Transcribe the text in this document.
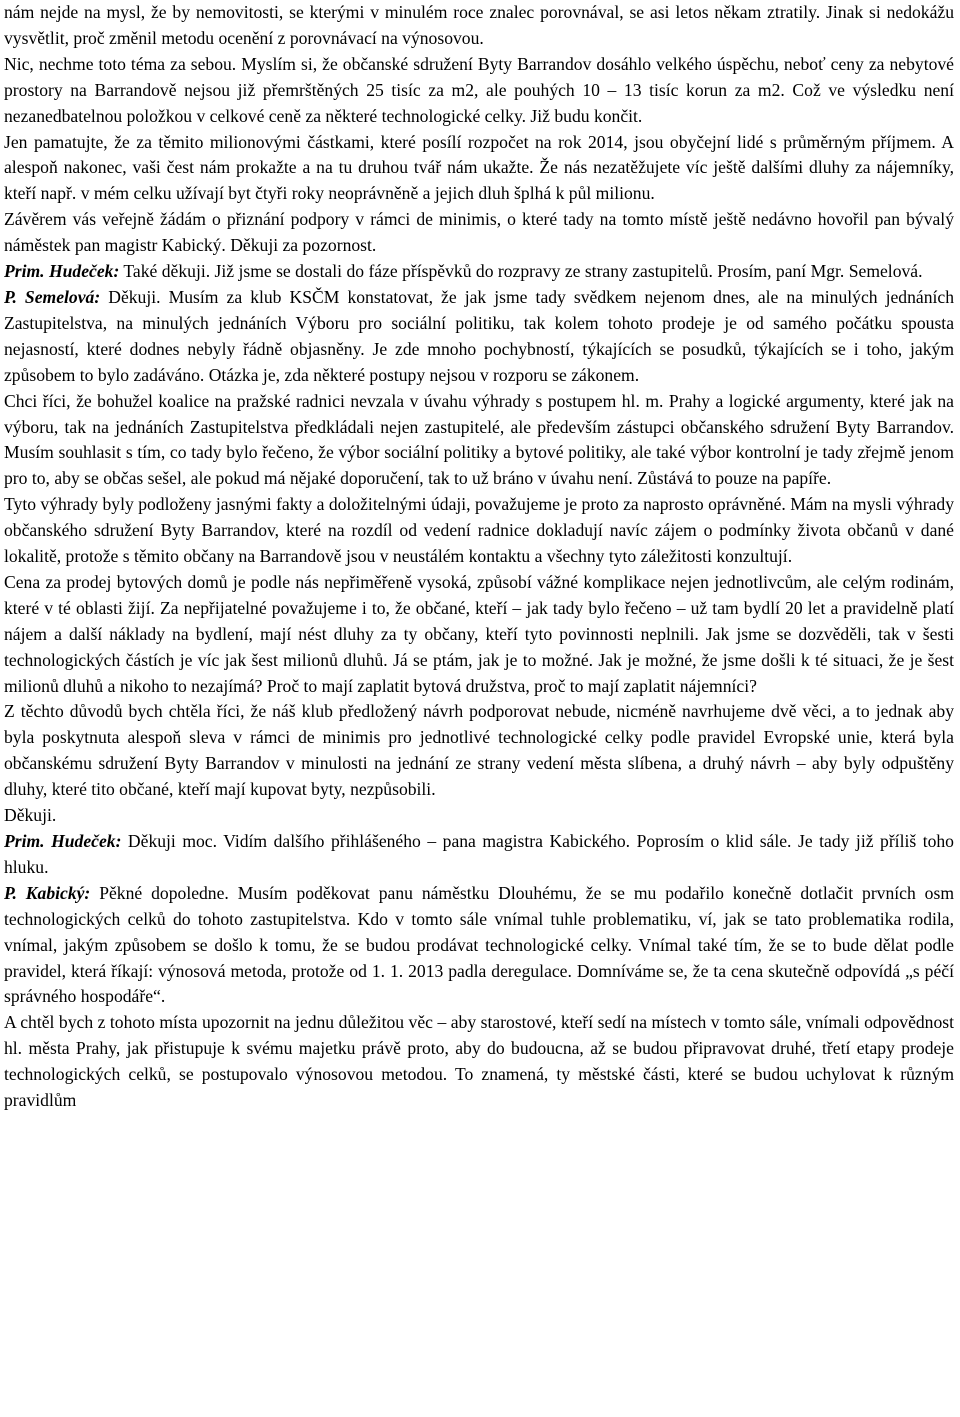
nám nejde na mysl, že by nemovitosti, se kterými v minulém roce znalec porovnával, se asi letos někam ztratily. Jinak si nedokážu vysvětlit, proč změnil metodu ocenění z porovnávací na výnosovou.

Nic, nechme toto téma za sebou. Myslím si, že občanské sdružení Byty Barrandov dosáhlo velkého úspěchu, neboť ceny za nebytové prostory na Barrandově nejsou již přemrštěných 25 tisíc za m2, ale pouhých 10 – 13 tisíc korun za m2. Což ve výsledku není nezanedbatelnou položkou v celkové ceně za některé technologické celky. Již budu končit.

Jen pamatujte, že za těmito milionovými částkami, které posílí rozpočet na rok 2014, jsou obyčejní lidé s průměrným příjmem. A alespoň nakonec, vaši čest nám prokažte a na tu druhou tvář nám ukažte. Že nás nezatěžujete víc ještě dalšími dluhy za nájemníky, kteří např. v mém celku užívají byt čtyři roky neoprávněně a jejich dluh šplhá k půl milionu.

Závěrem vás veřejně žádám o přiznání podpory v rámci de minimis, o které tady na tomto místě ještě nedávno hovořil pan bývalý náměstek pan magistr Kabický. Děkuji za pozornost.

Prim. Hudeček: Také děkuji. Již jsme se dostali do fáze příspěvků do rozpravy ze strany zastupitelů. Prosím, paní Mgr. Semelová.

P. Semelová: Děkuji. Musím za klub KSČM konstatovat, že jak jsme tady svědkem nejenom dnes, ale na minulých jednáních Zastupitelstva, na minulých jednáních Výboru pro sociální politiku, tak kolem tohoto prodeje je od samého počátku spousta nejasností, které dodnes nebyly řádně objasněny. Je zde mnoho pochybností, týkajících se posudků, týkajících se i toho, jakým způsobem to bylo zadáváno. Otázka je, zda některé postupy nejsou v rozporu se zákonem.

Chci říci, že bohužel koalice na pražské radnici nevzala v úvahu výhrady s postupem hl. m. Prahy a logické argumenty, které jak na výboru, tak na jednáních Zastupitelstva předkládali nejen zastupitelé, ale především zástupci občanského sdružení Byty Barrandov. Musím souhlasit s tím, co tady bylo řečeno, že výbor sociální politiky a bytové politiky, ale také výbor kontrolní je tady zřejmě jenom pro to, aby se občas sešel, ale pokud má nějaké doporučení, tak to už bráno v úvahu není. Zůstává to pouze na papíře.

Tyto výhrady byly podloženy jasnými fakty a doložitelnými údaji, považujeme je proto za naprosto oprávněné. Mám na mysli výhrady občanského sdružení Byty Barrandov, které na rozdíl od vedení radnice dokladují navíc zájem o podmínky života občanů v dané lokalitě, protože s těmito občany na Barrandově jsou v neustálém kontaktu a všechny tyto záležitosti konzultují.

Cena za prodej bytových domů je podle nás nepřiměřeně vysoká, způsobí vážné komplikace nejen jednotlivcům, ale celým rodinám, které v té oblasti žijí. Za nepřijatelné považujeme i to, že občané, kteří – jak tady bylo řečeno – už tam bydlí 20 let a pravidelně platí nájem a další náklady na bydlení, mají nést dluhy za ty občany, kteří tyto povinnosti neplnili. Jak jsme se dozvěděli, tak v šesti technologických částích je víc jak šest milionů dluhů. Já se ptám, jak je to možné. Jak je možné, že jsme došli k té situaci, že je šest milionů dluhů a nikoho to nezajímá? Proč to mají zaplatit bytová družstva, proč to mají zaplatit nájemníci?

Z těchto důvodů bych chtěla říci, že náš klub předložený návrh podporovat nebude, nicméně navrhujeme dvě věci, a to jednak aby byla poskytnuta alespoň sleva v rámci de minimis pro jednotlivé technologické celky podle pravidel Evropské unie, která byla občanskému sdružení Byty Barrandov v minulosti na jednání ze strany vedení města slíbena, a druhý návrh – aby byly odpuštěny dluhy, které tito občané, kteří mají kupovat byty, nezpůsobili.

Děkuji.

Prim. Hudeček: Děkuji moc. Vidím dalšího přihlášeného – pana magistra Kabického. Poprosím o klid sále. Je tady již příliš toho hluku.

P. Kabický: Pěkné dopoledne. Musím poděkovat panu náměstku Dlouhému, že se mu podařilo konečně dotlačit prvních osm technologických celků do tohoto zastupitelstva. Kdo v tomto sále vnímal tuhle problematiku, ví, jak se tato problematika rodila, vnímal, jakým způsobem se došlo k tomu, že se budou prodávat technologické celky. Vnímal také tím, že se to bude dělat podle pravidel, která říkají: výnosová metoda, protože od 1. 1. 2013 padla deregulace. Domníváme se, že ta cena skutečně odpovídá „s péčí správného hospodáře“.

A chtěl bych z tohoto místa upozornit na jednu důležitou věc – aby starostové, kteří sedí na místech v tomto sále, vnímali odpovědnost hl. města Prahy, jak přistupuje k svému majetku právě proto, aby do budoucna, až se budou připravovat druhé, třetí etapy prodeje technologických celků, se postupovalo výnosovou metodou. To znamená, ty městské části, které se budou uchylovat k různým pravidlům
